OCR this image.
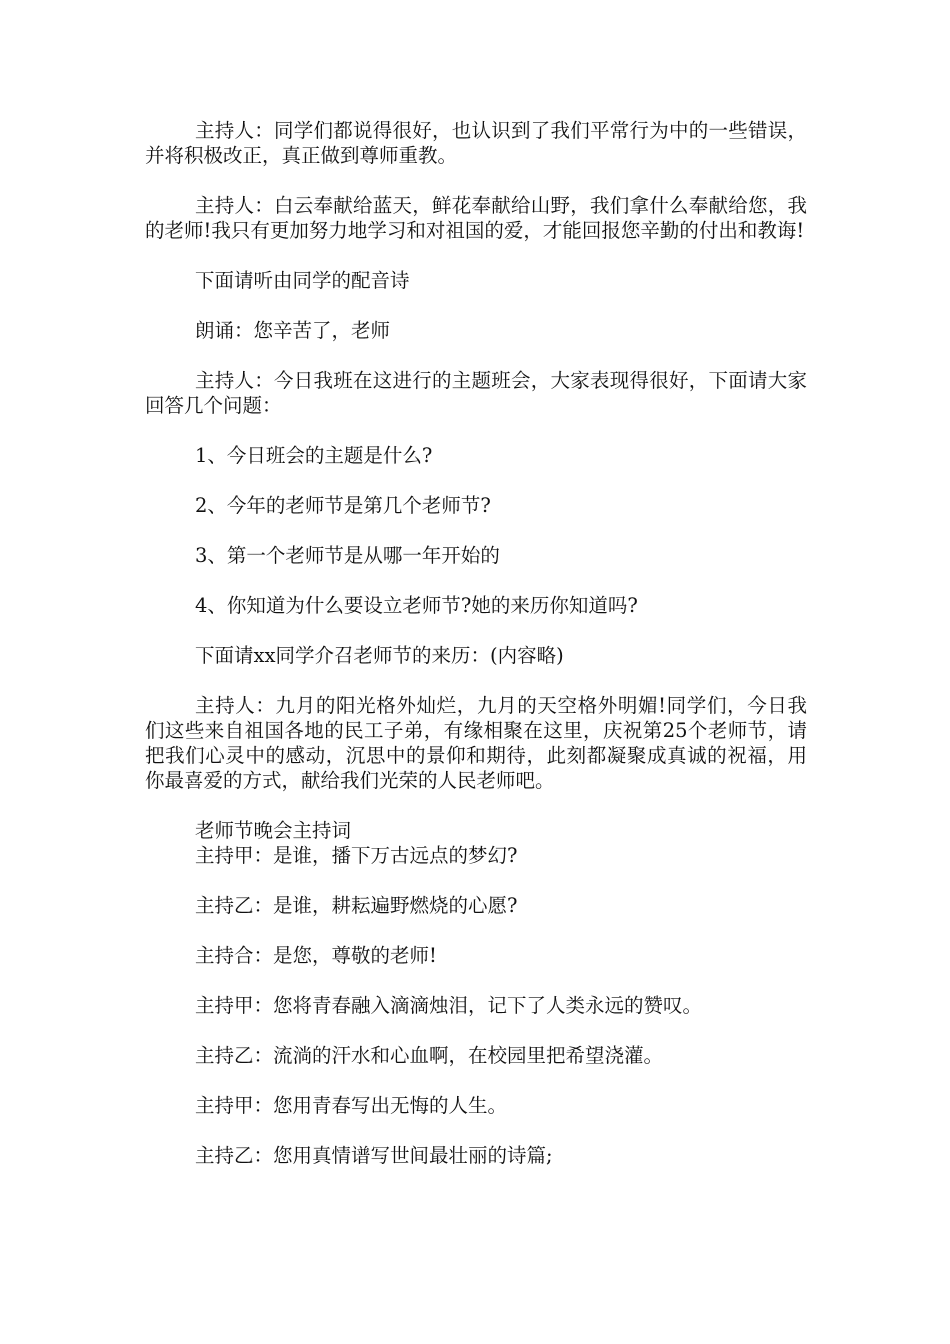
主持人：同学们都说得很好，也认识到了我们平常行为中的一些错误，并将积极改正，真正做到尊师重教。

主持人：白云奉献给蓝天，鲜花奉献给山野，我们拿什么奉献给您，我的老师!我只有更加努力地学习和对祖国的爱，才能回报您辛勤的付出和教诲!

下面请听由同学的配音诗

朗诵：您辛苦了，老师

主持人：今日我班在这进行的主题班会，大家表现得很好，下面请大家回答几个问题：

1、今日班会的主题是什么?

2、今年的老师节是第几个老师节?

3、第一个老师节是从哪一年开始的

4、你知道为什么要设立老师节?她的来历你知道吗?

下面请xx同学介召老师节的来历：(内容略)

主持人：九月的阳光格外灿烂，九月的天空格外明媚!同学们，今日我们这些来自祖国各地的民工子弟，有缘相聚在这里，庆祝第25个老师节，请把我们心灵中的感动，沉思中的景仰和期待，此刻都凝聚成真诚的祝福，用你最喜爱的方式，献给我们光荣的人民老师吧。

老师节晚会主持词

主持甲：是谁，播下万古远点的梦幻?

主持乙：是谁，耕耘遍野燃烧的心愿?

主持合：是您，尊敬的老师!

主持甲：您将青春融入滴滴烛泪，记下了人类永远的赞叹。

主持乙：流淌的汗水和心血啊，在校园里把希望浇灌。

主持甲：您用青春写出无悔的人生。

主持乙：您用真情谱写世间最壮丽的诗篇;
